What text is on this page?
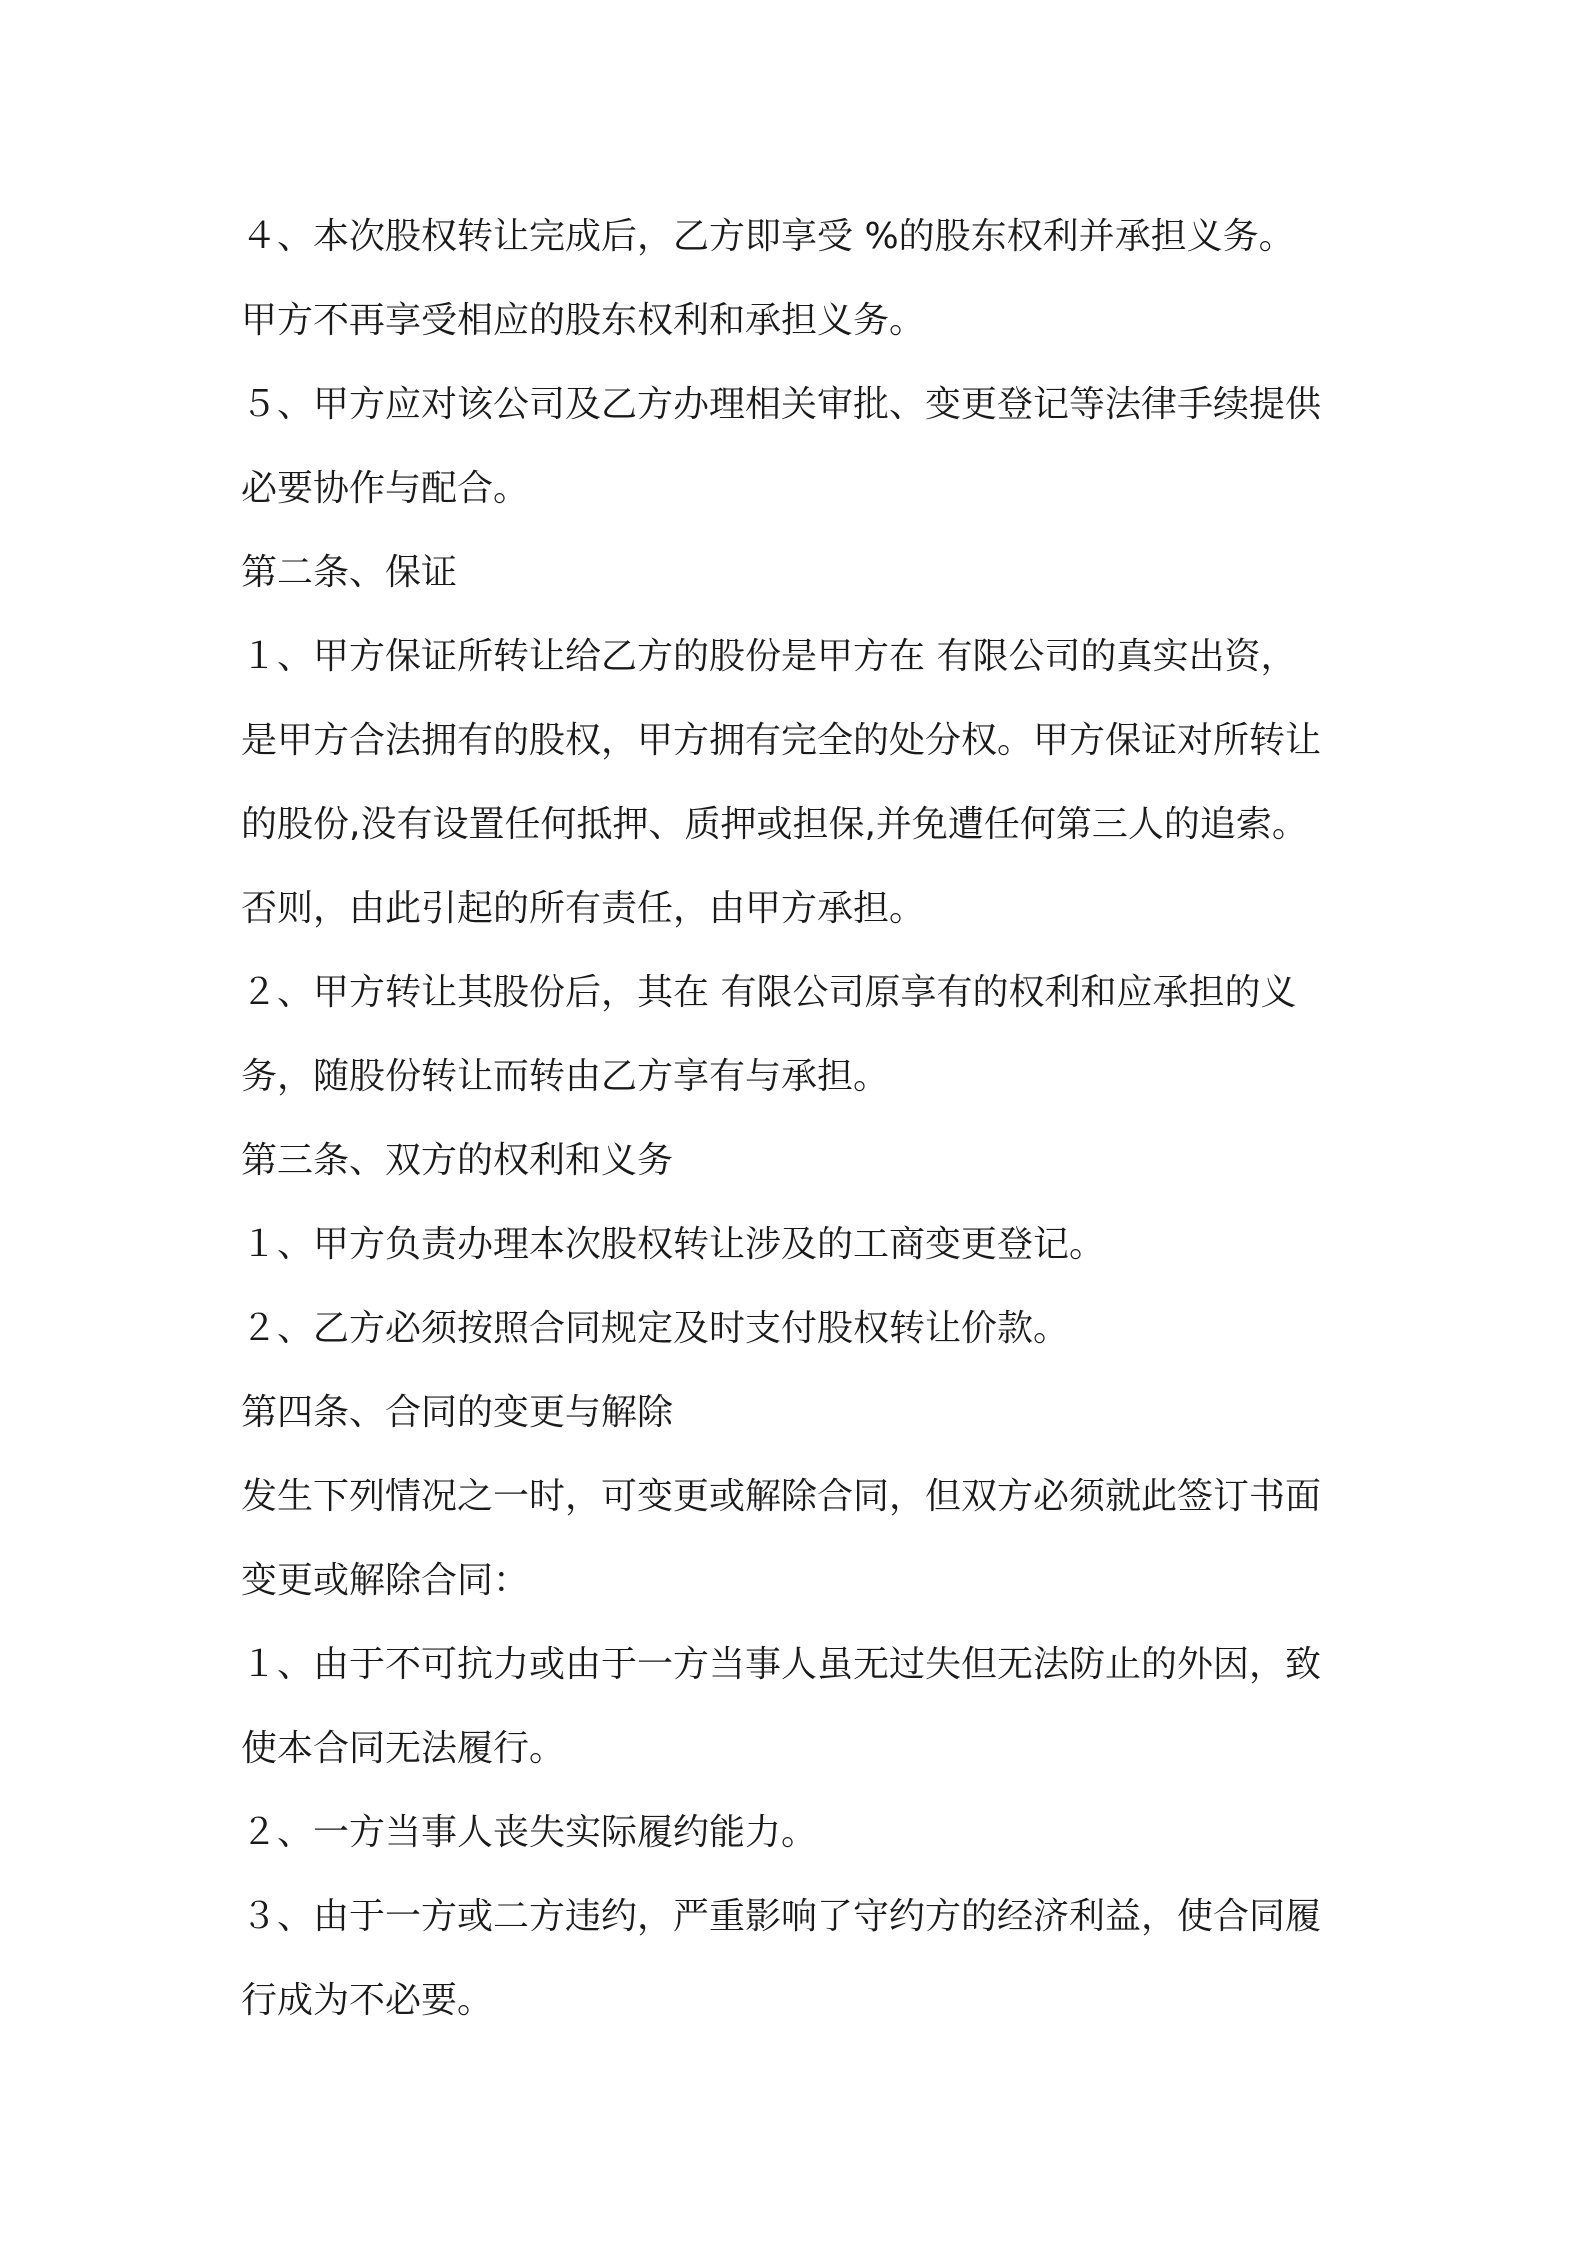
４、本次股权转让完成后，乙方即享受 %的股东权利并承担义务。
甲方不再享受相应的股东权利和承担义务。
５、甲方应对该公司及乙方办理相关审批、变更登记等法律手续提供
必要协作与配合。
第二条、保证
１、甲方保证所转让给乙方的股份是甲方在 有限公司的真实出资，
是甲方合法拥有的股权，甲方拥有完全的处分权。甲方保证对所转让
的股份,没有设置任何抵押、质押或担保,并免遭任何第三人的追索。
否则，由此引起的所有责任，由甲方承担。
２、甲方转让其股份后，其在 有限公司原享有的权利和应承担的义
务，随股份转让而转由乙方享有与承担。
第三条、双方的权利和义务
１、甲方负责办理本次股权转让涉及的工商变更登记。
２、乙方必须按照合同规定及时支付股权转让价款。
第四条、合同的变更与解除
发生下列情况之一时，可变更或解除合同，但双方必须就此签订书面
变更或解除合同：
１、由于不可抗力或由于一方当事人虽无过失但无法防止的外因，致
使本合同无法履行。
２、一方当事人丧失实际履约能力。
３、由于一方或二方违约，严重影响了守约方的经济利益，使合同履
行成为不必要。
